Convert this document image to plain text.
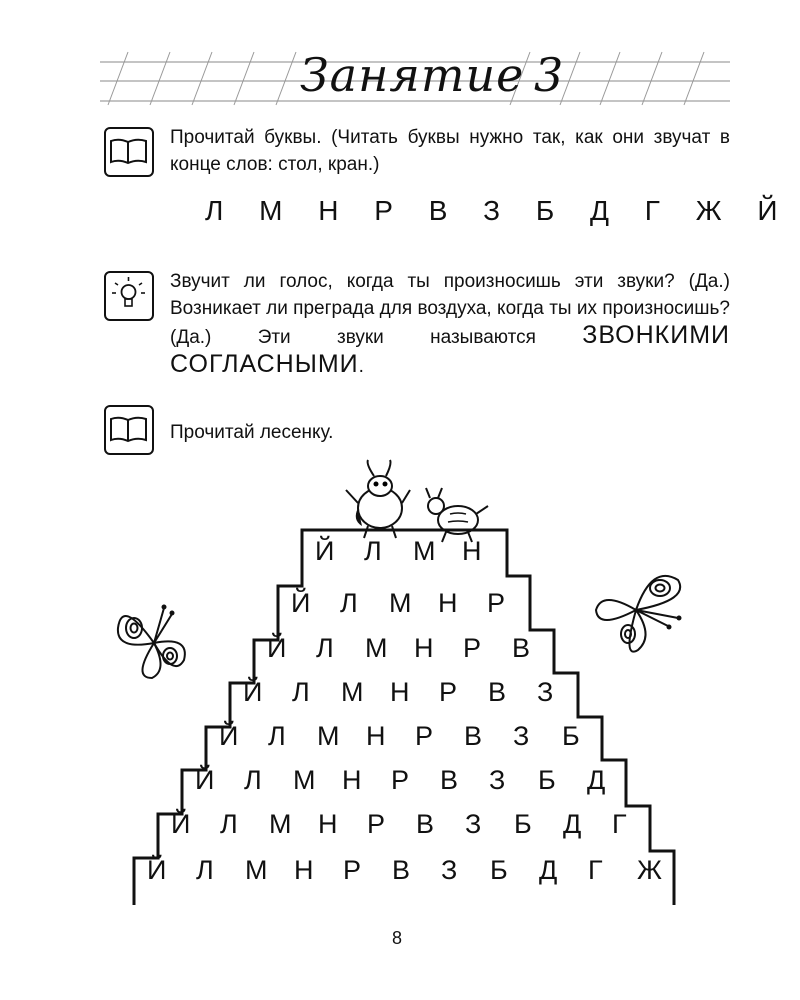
Занятие 3
Прочитай буквы. (Читать буквы нужно так, как они звучат в конце слов: стол, кран.)
Л М Н Р В З Б Д Г Ж Й
Звучит ли голос, когда ты произносишь эти звуки? (Да.) Возникает ли преграда для воздуха, когда ты их произносишь? (Да.) Эти звуки называются ЗВОНКИМИ СОГЛАСНЫМИ.
Прочитай лесенку.
Й Л М Н
Й Л М Н Р
Й Л М Н Р В
Й Л М Н Р В З
Й Л М Н Р В З Б
Й Л М Н Р В З Б Д
Й Л М Н Р В З Б Д Г
Й Л М Н Р В З Б Д Г Ж
8
